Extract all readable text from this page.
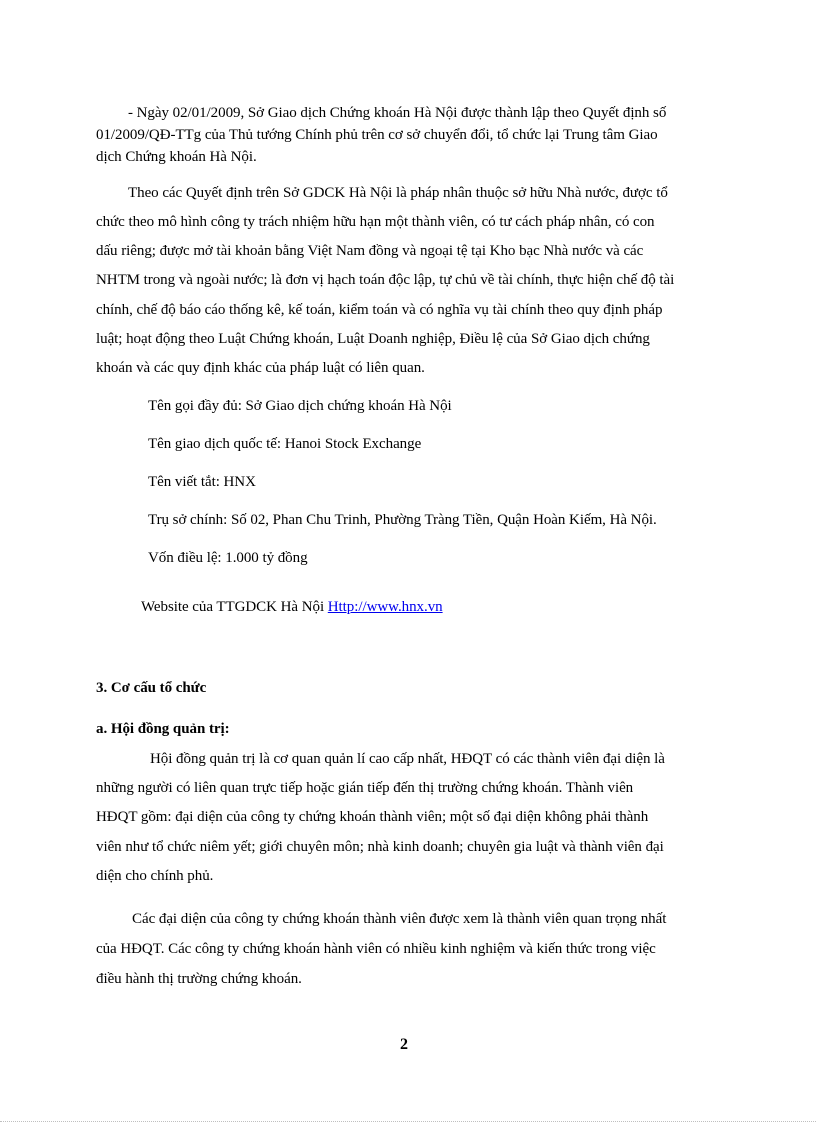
- Ngày 02/01/2009, Sở Giao dịch Chứng khoán Hà Nội được thành lập theo Quyết định số
01/2009/QĐ-TTg của Thủ tướng Chính phủ trên cơ sở chuyển đổi, tổ chức lại Trung tâm Giao
dịch Chứng khoán Hà Nội.
Theo các Quyết định trên Sở GDCK Hà Nội là pháp nhân thuộc sở hữu Nhà nước, được tổ
chức theo mô hình công ty trách nhiệm hữu hạn một thành viên, có tư cách pháp nhân, có con
dấu riêng; được mở tài khoản bằng Việt Nam đồng và ngoại tệ tại Kho bạc Nhà nước và các
NHTM trong và ngoài nước; là đơn vị hạch toán độc lập, tự chủ về tài chính, thực hiện chế độ tài
chính, chế độ báo cáo thống kê, kế toán, kiểm toán và có nghĩa vụ tài chính theo quy định pháp
luật; hoạt động theo Luật Chứng khoán, Luật Doanh nghiệp, Điều lệ của Sở Giao dịch chứng
khoán và các quy định khác của pháp luật có liên quan.
Tên gọi đầy đủ: Sở Giao dịch chứng khoán Hà Nội
Tên giao dịch quốc tế: Hanoi Stock Exchange
Tên viết tắt: HNX
Trụ sở chính: Số 02, Phan Chu Trinh, Phường Tràng Tiền, Quận Hoàn Kiếm, Hà Nội.
Vốn điều lệ: 1.000 tỷ đồng
Website của TTGDCK Hà Nội Http://www.hnx.vn
3. Cơ cấu tổ chức
a. Hội đồng quản trị:
Hội đồng quản trị là cơ quan quản lí cao cấp nhất, HĐQT có các thành viên đại diện là
những người có liên quan trực tiếp hoặc gián tiếp đến thị trường chứng khoán. Thành viên
HĐQT gồm: đại diện của công ty chứng khoán thành viên; một số đại diện không phải thành
viên như tổ chức niêm yết; giới chuyên môn; nhà kinh doanh; chuyên gia luật và thành viên đại
diện cho chính phủ.
Các đại diện của công ty chứng khoán thành viên được xem là thành viên quan trọng nhất
của HĐQT. Các công ty chứng khoán hành viên có nhiều kinh nghiệm và kiến thức trong việc
điều hành thị trường chứng khoán.
2
